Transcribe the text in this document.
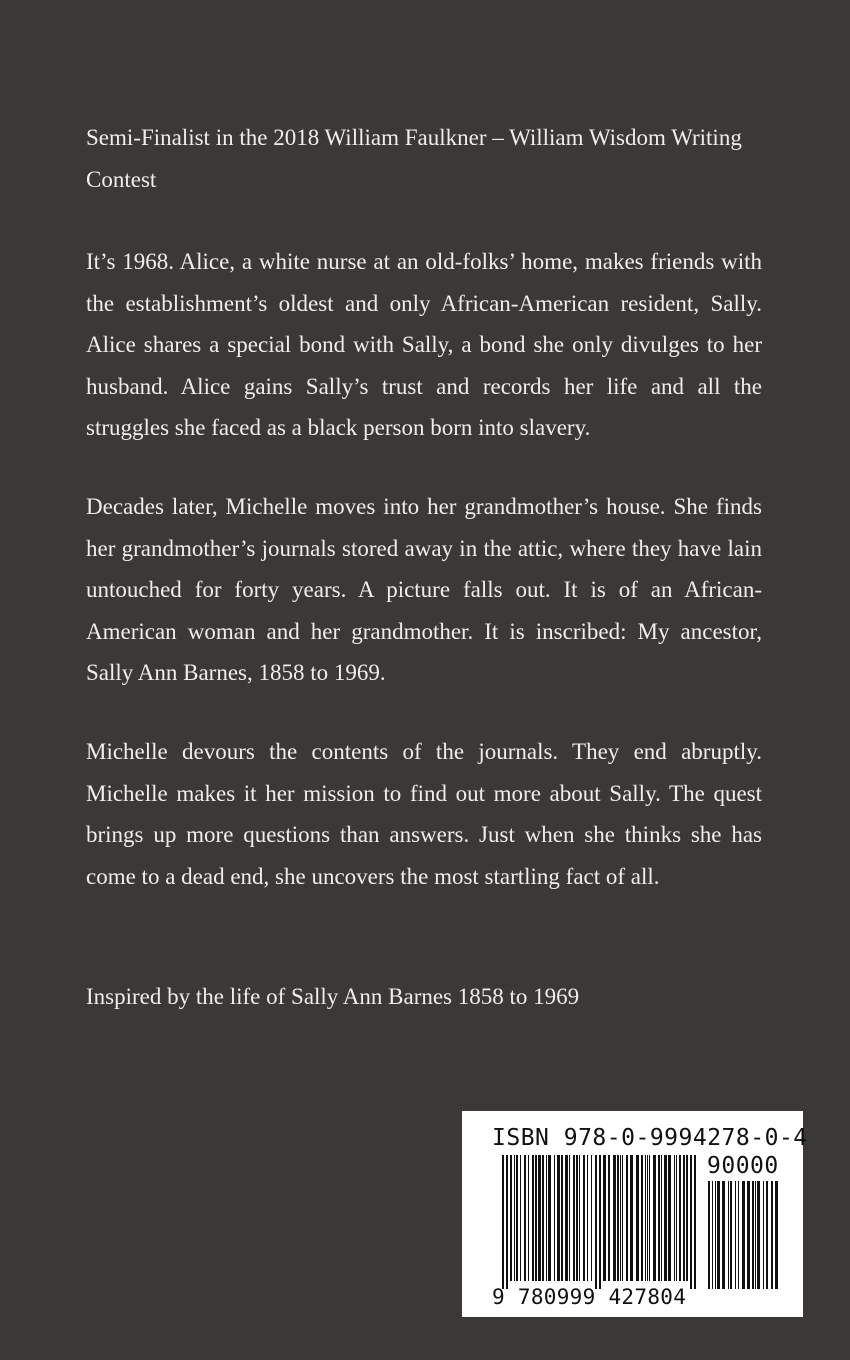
Semi-Finalist in the 2018 William Faulkner – William Wisdom Writing Contest

It’s 1968. Alice, a white nurse at an old-folks’ home, makes friends with the establishment’s oldest and only African-American resident, Sally. Alice shares a special bond with Sally, a bond she only divulges to her husband. Alice gains Sally’s trust and records her life and all the struggles she faced as a black person born into slavery.

Decades later, Michelle moves into her grandmother’s house. She finds her grandmother’s journals stored away in the attic, where they have lain untouched for forty years. A picture falls out. It is of an African-American woman and her grandmother. It is inscribed: My ancestor, Sally Ann Barnes, 1858 to 1969.

Michelle devours the contents of the journals. They end abruptly. Michelle makes it her mission to find out more about Sally. The quest brings up more questions than answers. Just when she thinks she has come to a dead end, she uncovers the most startling fact of all.

Inspired by the life of Sally Ann Barnes 1858 to 1969

ISBN 978-0-9994278-0-4
90000
9 780999 427804
